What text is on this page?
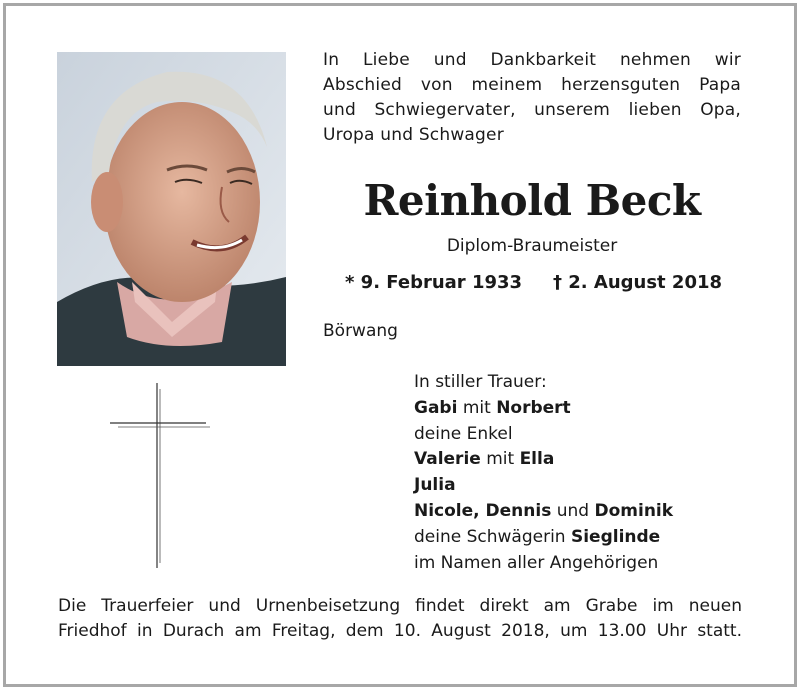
In Liebe und Dankbarkeit nehmen wir
Abschied von meinem herzensguten Papa
und Schwiegervater, unserem lieben Opa,
Uropa und Schwager
Reinhold Beck
Diplom-Braumeister
* 9. Februar 1933 † 2. August 2018
Börwang
In stiller Trauer:
Gabi mit Norbert
deine Enkel
Valerie mit Ella
Julia
Nicole, Dennis und Dominik
deine Schwägerin Sieglinde
im Namen aller Angehörigen
Die Trauerfeier und Urnenbeisetzung findet direkt am Grabe im neuen
Friedhof in Durach am Freitag, dem 10. August 2018, um 13.00 Uhr statt.
